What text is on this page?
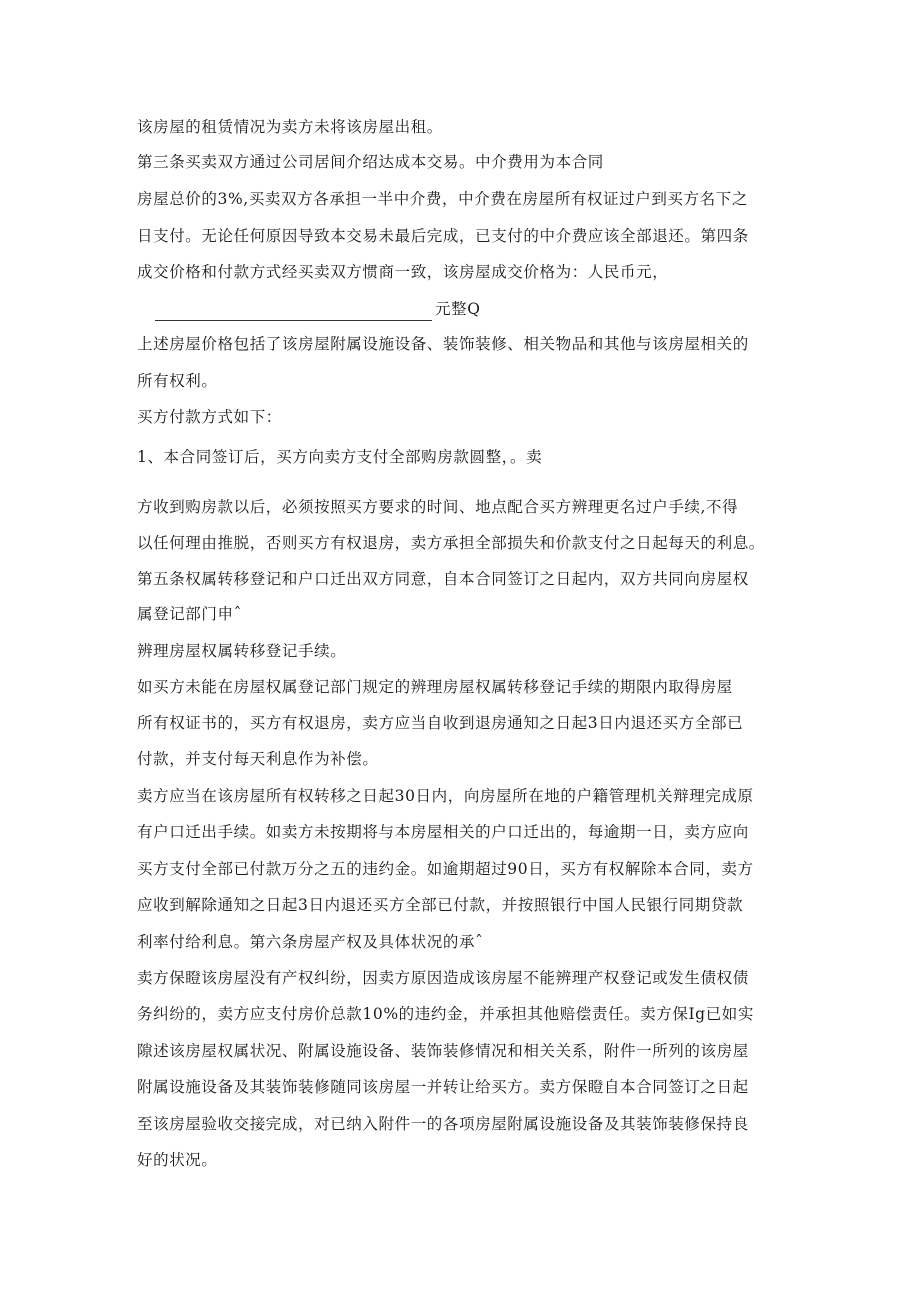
该房屋的租赁情况为卖方未将该房屋出租。

第三条买卖双方通过公司居间介绍达成本交易。中介费用为本合同

房屋总价的3%,买卖双方各承担一半中介费，中介费在房屋所有权证过户到买方名下之

日支付。无论任何原因导致本交易未最后完成，已支付的中介费应该全部退还。第四条

成交价格和付款方式经买卖双方惯商一致，该房屋成交价格为：人民币元，

元整Q

上述房屋价格包括了该房屋附属设施设备、装饰装修、相关物品和其他与该房屋相关的

所有权利。

买方付款方式如下：

1、本合同签订后，买方向卖方支付全部购房款圆整，。卖

方收到购房款以后，必须按照买方要求的时间、地点配合买方辨理更名过户手续,不得

以任何理由推脱，否则买方有权退房，卖方承担全部损失和价款支付之日起每天的利息。

第五条权属转移登记和户口迁出双方同意，自本合同签订之日起内，双方共同向房屋权

属登记部门申ˆ

辨理房屋权属转移登记手续。

如买方未能在房屋权属登记部门规定的辨理房屋权属转移登记手续的期限内取得房屋

所有权证书的，买方有权退房，卖方应当自收到退房通知之日起3日内退还买方全部已

付款，并支付每天利息作为补偿。

卖方应当在该房屋所有权转移之日起30日内，向房屋所在地的户籍管理机关辩理完成原

有户口迁出手续。如卖方未按期将与本房屋相关的户口迁出的，每逾期一日，卖方应向

买方支付全部已付款万分之五的违约金。如逾期超过90日，买方有权解除本合同，卖方

应收到解除通知之日起3日内退还买方全部已付款，并按照银行中国人民银行同期贷款

利率付给利息。第六条房屋产权及具体状况的承ˆ

卖方保瞪该房屋没有产权纠纷，因卖方原因造成该房屋不能辨理产权登记或发生债权债

务纠纷的，卖方应支付房价总款10%的违约金，并承担其他赔偿责任。卖方保Ig已如实

隙述该房屋权属状况、附属设施设备、装饰装修情况和相关关系，附件一所列的该房屋

附属设施设备及其装饰装修随同该房屋一并转让给买方。卖方保瞪自本合同签订之日起

至该房屋验收交接完成，对已纳入附件一的各项房屋附属设施设备及其装饰装修保持良

好的状况。
